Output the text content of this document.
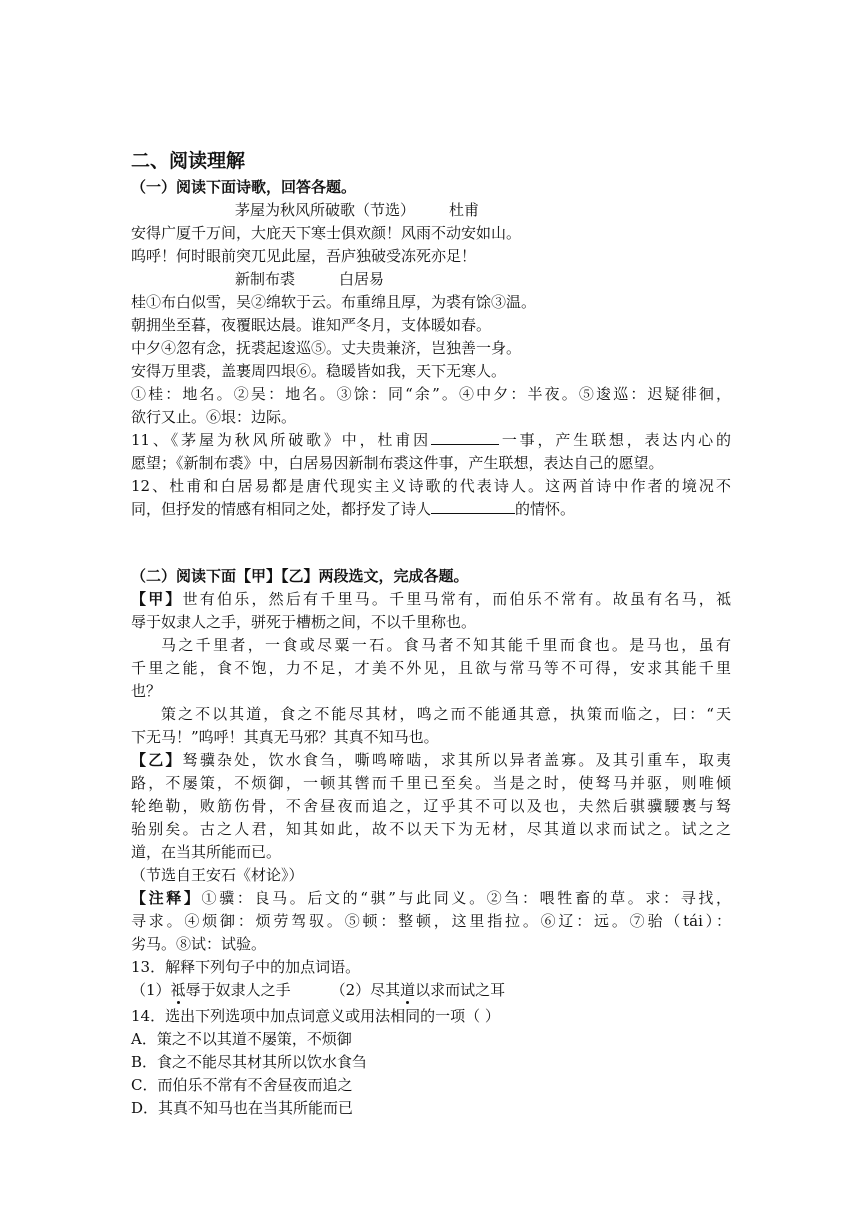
二、阅读理解

（一）阅读下面诗歌，回答各题。

茅屋为秋风所破歌（节选） 杜甫

安得广厦千万间，大庇天下寒士俱欢颜！风雨不动安如山。

呜呼！何时眼前突兀见此屋，吾庐独破受冻死亦足！

新制布裘	白居易

桂①布白似雪，吴②绵软于云。布重绵且厚，为裘有馀③温。

朝拥坐至暮，夜覆眠达晨。谁知严冬月，支体暖如春。

中夕④忽有念，抚裘起逡巡⑤。丈夫贵兼济，岂独善一身。

安得万里裘，盖裹周四垠⑥。稳暖皆如我，天下无寒人。

①桂：地名。②吴：地名。③馀：同“余”。④中夕：半夜。⑤逡巡：迟疑徘徊，

欲行又止。⑥垠：边际。

11、《茅屋为秋风所破歌》中，杜甫因	一事，产生联想，表达内心的

愿望；《新制布裘》中，白居易因新制布裘这件事，产生联想，表达自己的愿望。

12、杜甫和白居易都是唐代现实主义诗歌的代表诗人。这两首诗中作者的境况不

同，但抒发的情感有相同之处，都抒发了诗人	的情怀。

（二）阅读下面【甲】【乙】两段选文，完成各题。

【甲】世有伯乐，然后有千里马。千里马常有，而伯乐不常有。故虽有名马，祗

辱于奴隶人之手，骈死于槽枥之间，不以千里称也。

马之千里者，一食或尽粟一石。食马者不知其能千里而食也。是马也，虽有

千里之能，食不饱，力不足，才美不外见，且欲与常马等不可得，安求其能千里

也？

策之不以其道，食之不能尽其材，鸣之而不能通其意，执策而临之，曰：“天

下无马！”呜呼！其真无马邪？其真不知马也。

【乙】驽骥杂处，饮水食刍，嘶鸣啼啮，求其所以异者盖寡。及其引重车，取夷

路，不屡策，不烦御，一顿其辔而千里已至矣。当是之时，使驽马并驱，则唯倾

轮绝勒，败筋伤骨，不舍昼夜而追之，辽乎其不可以及也，夫然后骐骥騕褭与驽

骀别矣。古之人君，知其如此，故不以天下为无材，尽其道以求而试之。试之之

道，在当其所能而已。

（节选自王安石《材论》）

【注释】①骥：良马。后文的“骐”与此同义。②刍：喂牲畜的草。求：寻找，

寻求。④烦御：烦劳驾驭。⑤顿：整顿，这里指拉。⑥辽：远。⑦骀（tái）：

劣马。⑧试：试验。

13．解释下列句子中的加点词语。

（1）祗辱于奴隶人之手	（2）尽其道以求而试之耳

14．选出下列选项中加点词意义或用法相同的一项（ ）

A．策之不以其道不屡策，不烦御

B．食之不能尽其材其所以饮水食刍

C．而伯乐不常有不舍昼夜而追之

D．其真不知马也在当其所能而已
